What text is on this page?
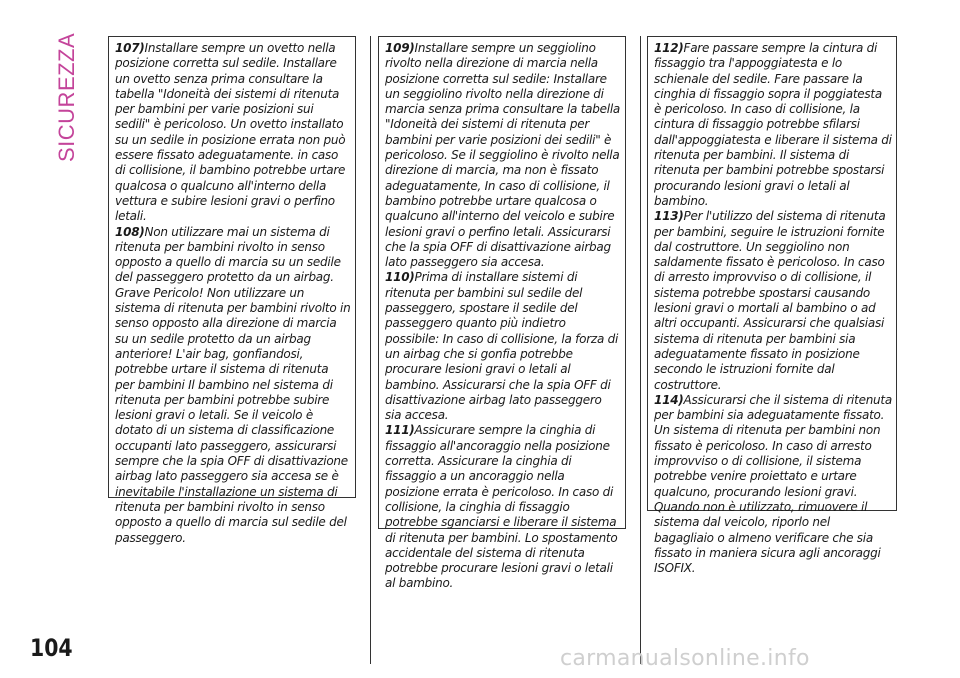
SICUREZZA	107)Installare sempre un ovetto nella posizione corretta sul sedile. Installare un ovetto senza prima consultare la tabella "Idoneità dei sistemi di ritenuta per bambini per varie posizioni sui sedili" è pericoloso. Un ovetto installato su un sedile in posizione errata non può essere fissato adeguatamente. in caso di collisione, il bambino potrebbe urtare qualcosa o qualcuno all'interno della vettura e subire lesioni gravi o perfino letali.

108)Non utilizzare mai un sistema di ritenuta per bambini rivolto in senso opposto a quello di marcia su un sedile del passeggero protetto da un airbag. Grave Pericolo! Non utilizzare un sistema di ritenuta per bambini rivolto in senso opposto alla direzione di marcia su un sedile protetto da un airbag anteriore! L'air bag, gonfiandosi, potrebbe urtare il sistema di ritenuta per bambini Il bambino nel sistema di ritenuta per bambini potrebbe subire lesioni gravi o letali. Se il veicolo è dotato di un sistema di classificazione occupanti lato passeggero, assicurarsi sempre che la spia OFF di disattivazione airbag lato passeggero sia accesa se è inevitabile l'installazione un sistema di ritenuta per bambini rivolto in senso opposto a quello di marcia sul sedile del passeggero.

109)Installare sempre un seggiolino rivolto nella direzione di marcia nella posizione corretta sul sedile: Installare un seggiolino rivolto nella direzione di marcia senza prima consultare la tabella "Idoneità dei sistemi di ritenuta per bambini per varie posizioni dei sedili" è pericoloso. Se il seggiolino è rivolto nella direzione di marcia, ma non è fissato adeguatamente, In caso di collisione, il bambino potrebbe urtare qualcosa o qualcuno all'interno del veicolo e subire lesioni gravi o perfino letali. Assicurarsi che la spia OFF di disattivazione airbag lato passeggero sia accesa.

110)Prima di installare sistemi di ritenuta per bambini sul sedile del passeggero, spostare il sedile del passeggero quanto più indietro possibile: In caso di collisione, la forza di un airbag che si gonfia potrebbe procurare lesioni gravi o letali al bambino. Assicurarsi che la spia OFF di disattivazione airbag lato passeggero sia accesa.

111)Assicurare sempre la cinghia di fissaggio all'ancoraggio nella posizione corretta. Assicurare la cinghia di fissaggio a un ancoraggio nella posizione errata è pericoloso. In caso di collisione, la cinghia di fissaggio potrebbe sganciarsi e liberare il sistema di ritenuta per bambini. Lo spostamento accidentale del sistema di ritenuta potrebbe procurare lesioni gravi o letali al bambino.

112)Fare passare sempre la cintura di fissaggio tra l'appoggiatesta e lo schienale del sedile. Fare passare la cinghia di fissaggio sopra il poggiatesta è pericoloso. In caso di collisione, la cintura di fissaggio potrebbe sfilarsi dall'appoggiatesta e liberare il sistema di ritenuta per bambini. Il sistema di ritenuta per bambini potrebbe spostarsi procurando lesioni gravi o letali al bambino.

113)Per l'utilizzo del sistema di ritenuta per bambini, seguire le istruzioni fornite dal costruttore. Un seggiolino non saldamente fissato è pericoloso. In caso di arresto improvviso o di collisione, il sistema potrebbe spostarsi causando lesioni gravi o mortali al bambino o ad altri occupanti. Assicurarsi che qualsiasi sistema di ritenuta per bambini sia adeguatamente fissato in posizione secondo le istruzioni fornite dal costruttore.

114)Assicurarsi che il sistema di ritenuta per bambini sia adeguatamente fissato. Un sistema di ritenuta per bambini non fissato è pericoloso. In caso di arresto improvviso o di collisione, il sistema potrebbe venire proiettato e urtare qualcuno, procurando lesioni gravi. Quando non è utilizzato, rimuovere il sistema dal veicolo, riporlo nel bagagliaio o almeno verificare che sia fissato in maniera sicura agli ancoraggi ISOFIX.

104	carmanualsonline.info
